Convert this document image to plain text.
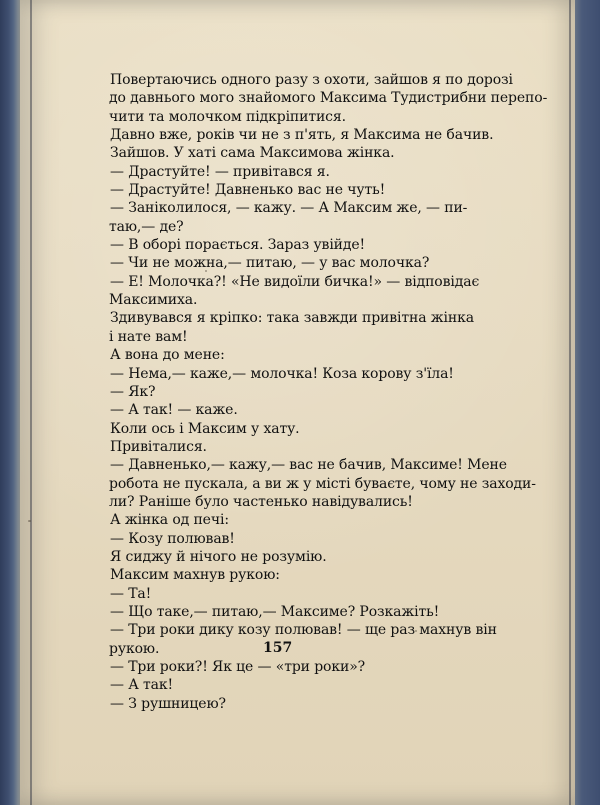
Повертаючись одного разу з охоти, зайшов я по дорозі
до давнього мого знайомого Максима Тудистрибни перепо-
чити та молочком підкріпитися.
Давно вже, років чи не з п'ять, я Максима не бачив.
Зайшов. У хаті сама Максимова жінка.
— Драстуйте! — привітався я.
— Драстуйте! Давненько вас не чуть!
— Заніколилося, — кажу. — А Максим же, — пи-
таю,— де?
— В оборі порається. Зараз увійде!
— Чи не можна,— питаю, — у вас молочка?
— Е! Молочка?! «Не видоїли бичка!» — відповідає
Максимиха.
Здивувався я кріпко: така завжди привітна жінка
і нате вам!
А вона до мене:
— Нема,— каже,— молочка! Коза корову з'їла!
— Як?
— А так! — каже.
Коли ось і Максим у хату.
Привіталися.
— Давненько,— кажу,— вас не бачив, Максиме! Мене
робота не пускала, а ви ж у місті буваєте, чому не заходи-
ли? Раніше було частенько навідувались!
А жінка од печі:
— Козу полював!
Я сиджу й нічого не розумію.
Максим махнув рукою:
— Та!
— Що таке,— питаю,— Максиме? Розкажіть!
— Три роки дику козу полював! — ще раз махнув він
рукою.
— Три роки?! Як це — «три роки»?
— А так!
— З рушницею?
157
